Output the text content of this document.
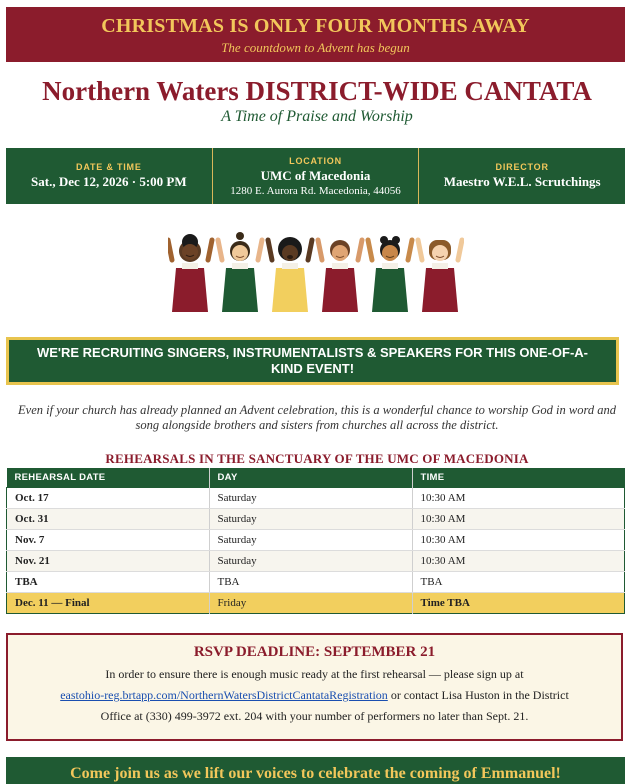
CHRISTMAS IS ONLY FOUR MONTHS AWAY
The countdown to Advent has begun
Northern Waters DISTRICT-WIDE CANTATA
A Time of Praise and Worship
DATE & TIME
Sat., Dec 12, 2026 · 5:00 PM
LOCATION
UMC of Macedonia
1280 E. Aurora Rd. Macedonia, 44056
DIRECTOR
Maestro W.E.L. Scrutchings
WE'RE RECRUITING SINGERS, INSTRUMENTALISTS & SPEAKERS FOR THIS ONE-OF-A-KIND EVENT!
Even if your church has already planned an Advent celebration, this is a wonderful chance to worship God in word and song alongside brothers and sisters from churches all across the district.
REHEARSALS IN THE SANCTUARY OF THE UMC OF MACEDONIA
REHEARSAL DATE	DAY	TIME
Oct. 17	Saturday	10:30 AM
Oct. 31	Saturday	10:30 AM
Nov. 7	Saturday	10:30 AM
Nov. 21	Saturday	10:30 AM
TBA	TBA	TBA
Dec. 11 — Final	Friday	Time TBA
RSVP DEADLINE: SEPTEMBER 21
In order to ensure there is enough music ready at the first rehearsal — please sign up at
eastohio-reg.brtapp.com/NorthernWatersDistrictCantataRegistration or contact Lisa Huston in the District
Office at (330) 499-3972 ext. 204 with your number of performers no later than Sept. 21.
Come join us as we lift our voices to celebrate the coming of Emmanuel!
